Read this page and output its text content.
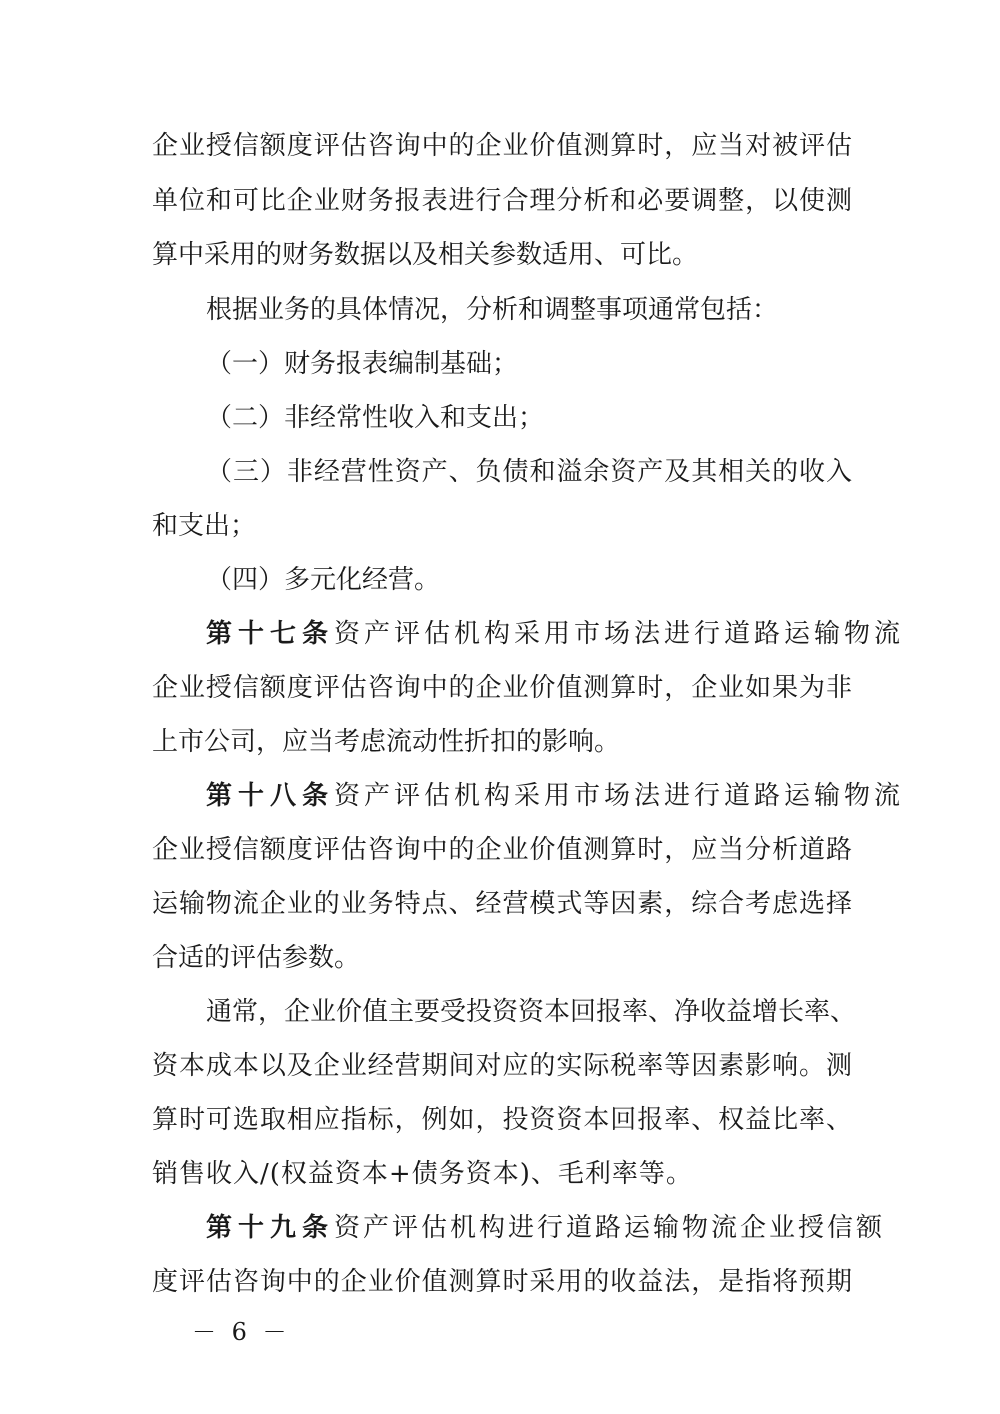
企业授信额度评估咨询中的企业价值测算时，应当对被评估
单位和可比企业财务报表进行合理分析和必要调整，以使测
算中采用的财务数据以及相关参数适用、可比。
根据业务的具体情况，分析和调整事项通常包括：
（一）财务报表编制基础；
（二）非经常性收入和支出；
（三）非经营性资产、负债和溢余资产及其相关的收入
和支出；
（四）多元化经营。
第十七条 资产评估机构采用市场法进行道路运输物流
企业授信额度评估咨询中的企业价值测算时，企业如果为非
上市公司，应当考虑流动性折扣的影响。
第十八条 资产评估机构采用市场法进行道路运输物流
企业授信额度评估咨询中的企业价值测算时，应当分析道路
运输物流企业的业务特点、经营模式等因素，综合考虑选择
合适的评估参数。
通常，企业价值主要受投资资本回报率、净收益增长率、
资本成本以及企业经营期间对应的实际税率等因素影响。测
算时可选取相应指标，例如，投资资本回报率、权益比率、
销售收入/(权益资本+债务资本)、毛利率等。
第十九条 资产评估机构进行道路运输物流企业授信额
度评估咨询中的企业价值测算时采用的收益法，是指将预期
－ 6 －
